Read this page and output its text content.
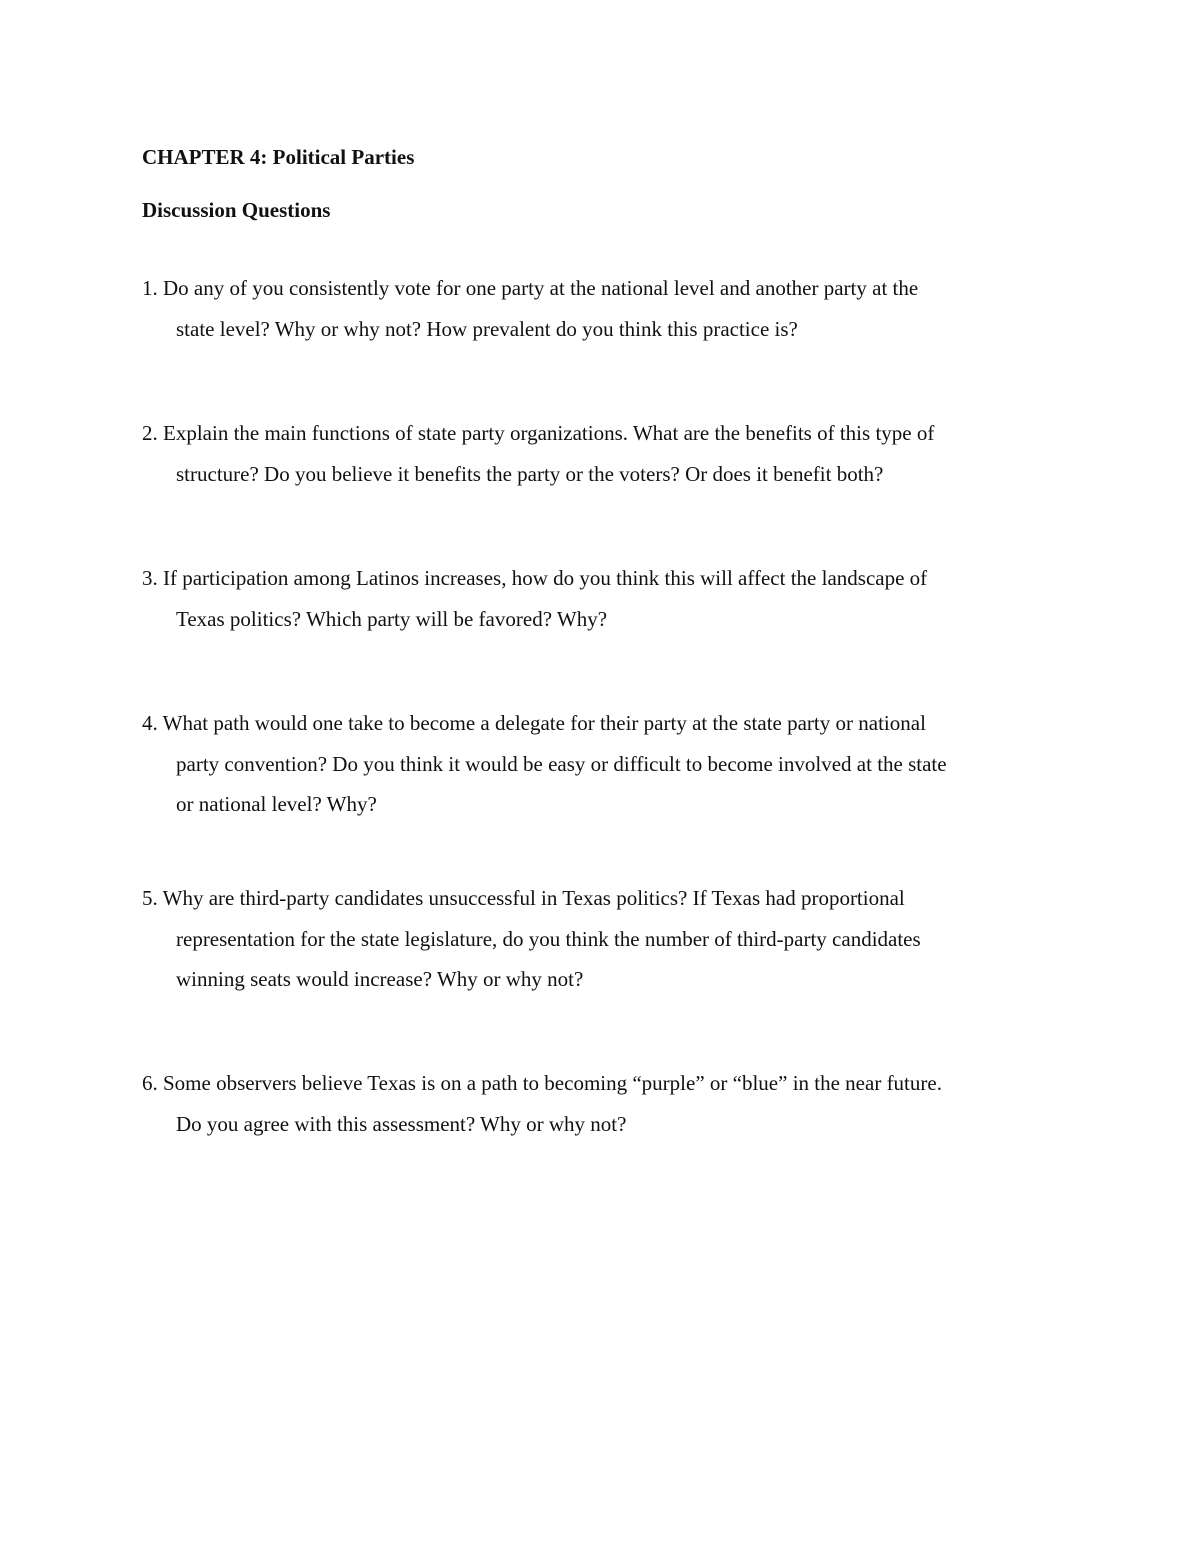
CHAPTER 4: Political Parties
Discussion Questions
1. Do any of you consistently vote for one party at the national level and another party at the
state level? Why or why not? How prevalent do you think this practice is?
2. Explain the main functions of state party organizations. What are the benefits of this type of
structure? Do you believe it benefits the party or the voters? Or does it benefit both?
3. If participation among Latinos increases, how do you think this will affect the landscape of
Texas politics? Which party will be favored? Why?
4. What path would one take to become a delegate for their party at the state party or national
party convention? Do you think it would be easy or difficult to become involved at the state
or national level? Why?
5. Why are third-party candidates unsuccessful in Texas politics? If Texas had proportional
representation for the state legislature, do you think the number of third-party candidates
winning seats would increase? Why or why not?
6. Some observers believe Texas is on a path to becoming “purple” or “blue” in the near future.
Do you agree with this assessment? Why or why not?
